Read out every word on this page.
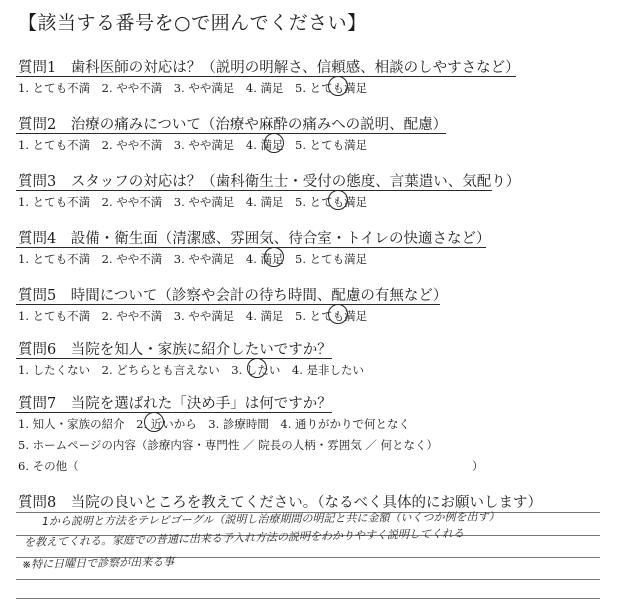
【該当する番号を○で囲んでください】
質問1　歯科医師の対応は？（説明の明解さ、信頼感、相談のしやすさなど）
1. とても不満　2. やや不満　3. やや満足　4. 満足　5. とても満足
質問2　治療の痛みについて（治療や麻酔の痛みへの説明、配慮）
1. とても不満　2. やや不満　3. やや満足　4. 満足　5. とても満足
質問3　スタッフの対応は？（歯科衛生士・受付の態度、言葉遣い、気配り）
1. とても不満　2. やや不満　3. やや満足　4. 満足　5. とても満足
質問4　設備・衛生面（清潔感、雰囲気、待合室・トイレの快適さなど）
1. とても不満　2. やや不満　3. やや満足　4. 満足　5. とても満足
質問5　時間について（診察や会計の待ち時間、配慮の有無など）
1. とても不満　2. やや不満　3. やや満足　4. 満足　5. とても満足
質問6　当院を知人・家族に紹介したいですか？
1. したくない　2. どちらとも言えない　3. したい　4. 是非したい
質問7　当院を選ばれた「決め手」は何ですか？
1. 知人・家族の紹介　2. 近いから　3. 診療時間　4. 通りがかりで何となく
5. ホームページの内容（診療内容・専門性 ／ 院長の人柄・雰囲気 ／ 何となく）
6. その他（	）
質問8　当院の良いところを教えてください。（なるべく具体的にお願いします）
1から説明と方法をテレビゴーグル（説明し治療期間の明記と共に金額（いくつか例を出す）
を教えてくれる。家庭での普通に出来る予入れ方法の説明をわかりやすく説明してくれる
※特に日曜日で診察が出来る事
